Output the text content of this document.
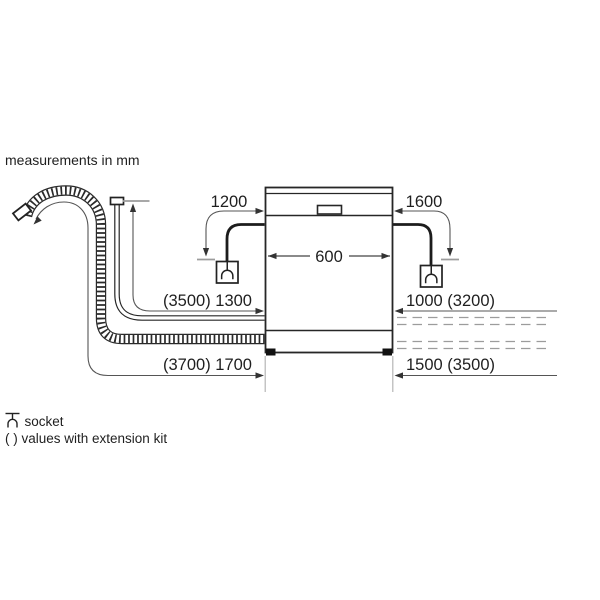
measurements in mm
1000 (3200)
1500 (3500)
(3500) 1300
(3700) 1700
600
1200	1600
socket
( ) values with extension kit
